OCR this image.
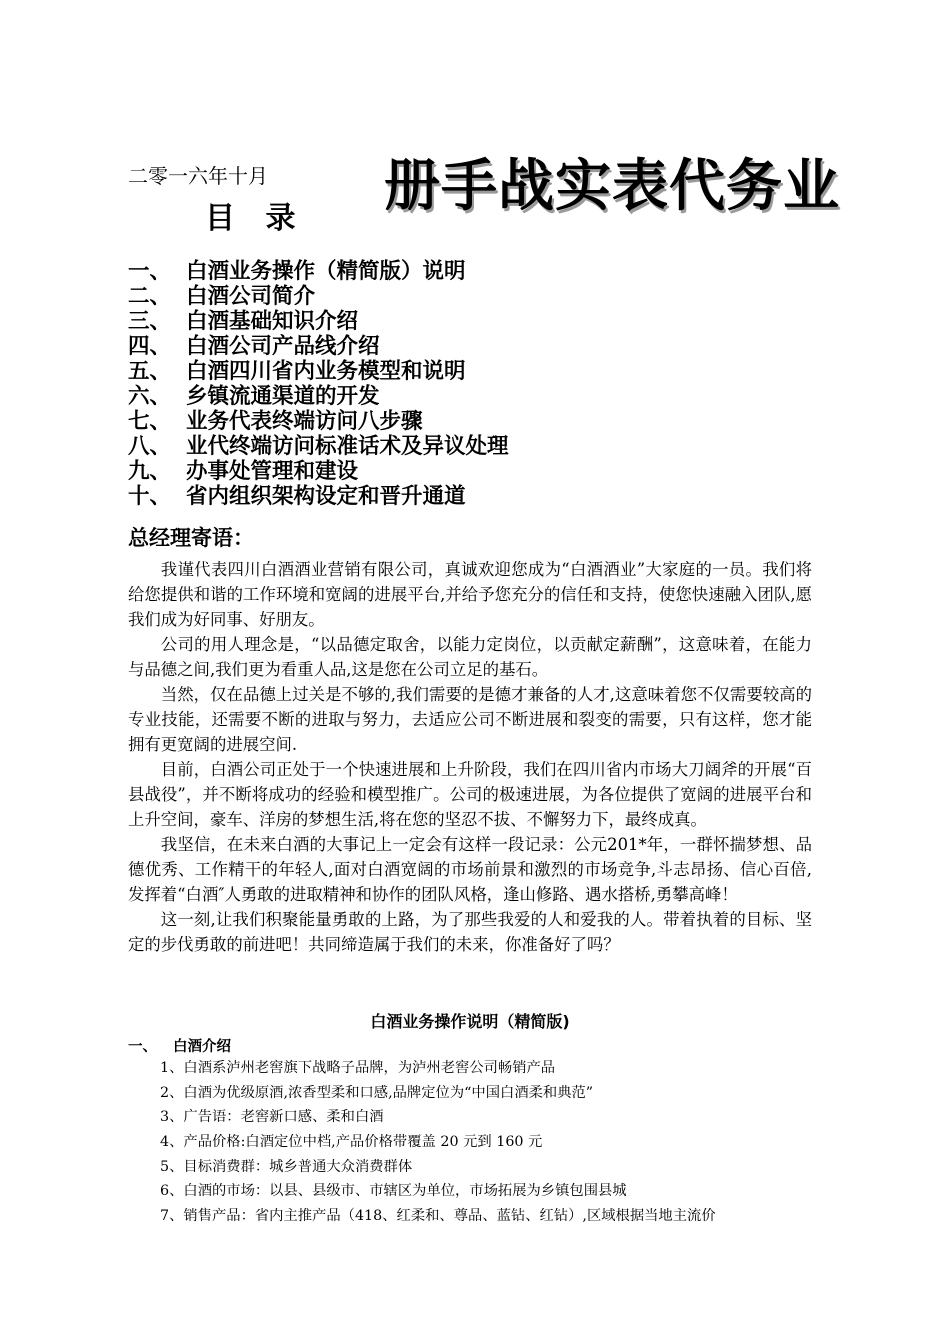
二零一六年十月 册手战实表代务业
目 录
一、 白酒业务操作（精简版）说明
二、 白酒公司简介
三、 白酒基础知识介绍
四、 白酒公司产品线介绍
五、 白酒四川省内业务模型和说明
六、 乡镇流通渠道的开发
七、 业务代表终端访问八步骤
八、 业代终端访问标准话术及异议处理
九、 办事处管理和建设
十、 省内组织架构设定和晋升通道
总经理寄语：

我谨代表四川白酒酒业营销有限公司，真诚欢迎您成为“白酒酒业”大家庭的一员。我们将给您提供和谐的工作环境和宽阔的进展平台,并给予您充分的信任和支持，使您快速融入团队,愿我们成为好同事、好朋友。

公司的用人理念是，“以品德定取舍，以能力定岗位，以贡献定薪酬”，这意味着，在能力与品德之间,我们更为看重人品,这是您在公司立足的基石。

当然，仅在品德上过关是不够的,我们需要的是德才兼备的人才,这意味着您不仅需要较高的专业技能，还需要不断的进取与努力，去适应公司不断进展和裂变的需要，只有这样，您才能拥有更宽阔的进展空间.

目前，白酒公司正处于一个快速进展和上升阶段，我们在四川省内市场大刀阔斧的开展“百县战役”，并不断将成功的经验和模型推广。公司的极速进展，为各位提供了宽阔的进展平台和上升空间，豪车、洋房的梦想生活,将在您的坚忍不拔、不懈努力下，最终成真。

我坚信，在未来白酒的大事记上一定会有这样一段记录：公元201*年，一群怀揣梦想、品德优秀、工作精干的年轻人,面对白酒宽阔的市场前景和激烈的市场竞争,斗志昂扬、信心百倍,发挥着“白酒″人勇敢的进取精神和协作的团队风格，逢山修路、遇水搭桥,勇攀高峰！

这一刻,让我们积聚能量勇敢的上路，为了那些我爱的人和爱我的人。带着执着的目标、坚定的步伐勇敢的前进吧！共同缔造属于我们的未来，你准备好了吗？

白酒业务操作说明（精简版)
一、 白酒介绍
1、白酒系泸州老窖旗下战略子品牌，为泸州老窖公司畅销产品
2、白酒为优级原酒,浓香型柔和口感,品牌定位为“中国白酒柔和典范”
3、广告语：老窖新口感、柔和白酒
4、产品价格:白酒定位中档,产品价格带覆盖 20 元到 160 元
5、目标消费群：城乡普通大众消费群体
6、白酒的市场：以县、县级市、市辖区为单位，市场拓展为乡镇包围县城
7、销售产品：省内主推产品（418、红柔和、尊品、蓝钻、红钻）,区域根据当地主流价
